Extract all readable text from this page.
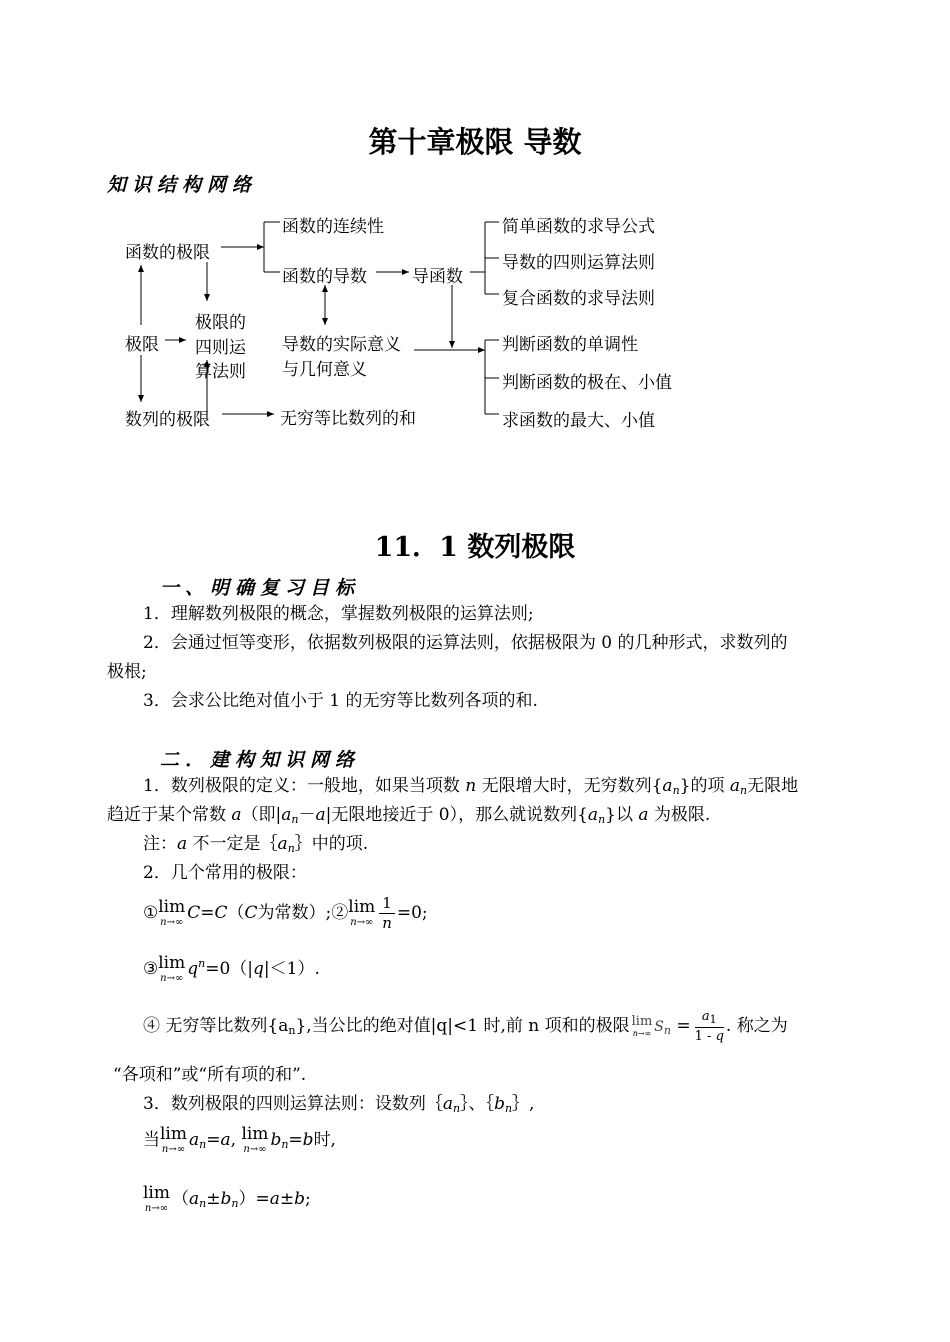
第十章极限 导数
知识结构网络
函数的极限
极限
数列的极限
极限的
四则运
算法则
函数的连续性
函数的导数	导函数
导数的实际意义
与几何意义
无穷等比数列的和
简单函数的求导公式
导数的四则运算法则
复合函数的求导法则
判断函数的单调性
判断函数的极在、小值
求函数的最大、小值
11．1 数列极限
一、明确复习目标
1．理解数列极限的概念，掌握数列极限的运算法则;
2．会通过恒等变形，依据数列极限的运算法则，依据极限为 0 的几种形式，求数列的
极根;
3．会求公比绝对值小于 1 的无穷等比数列各项的和.
二．建构知识网络
1．数列极限的定义：一般地，如果当项数 n 无限增大时，无穷数列$\{a_n\}$的项 $a_n$无限地
趋近于某个常数 a（即$|a_n-a|$无限地接近于 0），那么就说数列$\{a_n\}$以 a 为极限.
注：a 不一定是$\{a_n\}$中的项.
2．几个常用的极限：
① lim
n→∞ C=C（C为常数）;② lim
$n\to\infty \frac{1}{n} =0$;
③ lim
n→∞ $q^n=0(|q|<1)$.
④ 无穷等比数列$\{a_n\}$,当公比的绝对值|q|<1 时,前 n 项和的极限 lim
n→∞ $S_n = \frac{a_1}{1 - q}$ . 称之为
“各项和”或“所有项的和”.
3．数列极限的四则运算法则：设数列$\{a_n\}$、$\{b_n\}$,
当 lim
n→∞ $a_n=a$, lim
n→∞ $b_n=b$时,
lim
n→∞ $(a_n\pm b_n)=a\pm b$;
